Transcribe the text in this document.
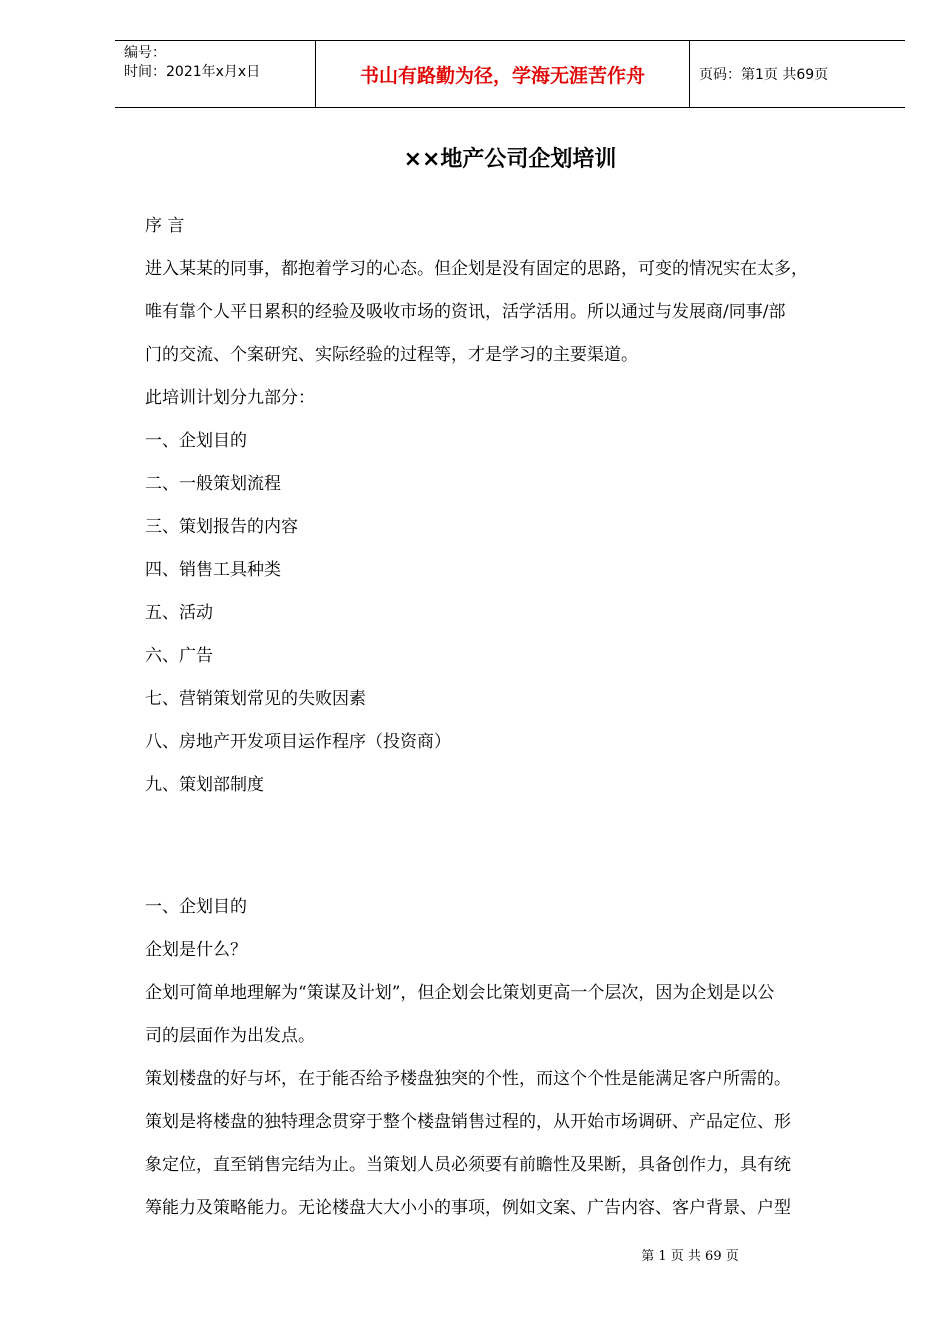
编号：
时间：2021年x月x日	书山有路勤为径，学海无涯苦作舟	页码：第1页 共69页
××地产公司企划培训

序 言

进入某某的同事，都抱着学习的心态。但企划是没有固定的思路，可变的情况实在太多，

唯有靠个人平日累积的经验及吸收市场的资讯，活学活用。所以通过与发展商/同事/部

门的交流、个案研究、实际经验的过程等，才是学习的主要渠道。

此培训计划分九部分：

一、企划目的

二、一般策划流程

三、策划报告的内容

四、销售工具种类

五、活动

六、广告

七、营销策划常见的失败因素

八、房地产开发项目运作程序（投资商）

九、策划部制度

一、企划目的

企划是什么？

企划可简单地理解为“策谋及计划”，但企划会比策划更高一个层次，因为企划是以公

司的层面作为出发点。

策划楼盘的好与坏，在于能否给予楼盘独突的个性，而这个个性是能满足客户所需的。

策划是将楼盘的独特理念贯穿于整个楼盘销售过程的，从开始市场调研、产品定位、形

象定位，直至销售完结为止。当策划人员必须要有前瞻性及果断，具备创作力，具有统

筹能力及策略能力。无论楼盘大大小小的事项，例如文案、广告内容、客户背景、户型

第 1 页 共 69 页
